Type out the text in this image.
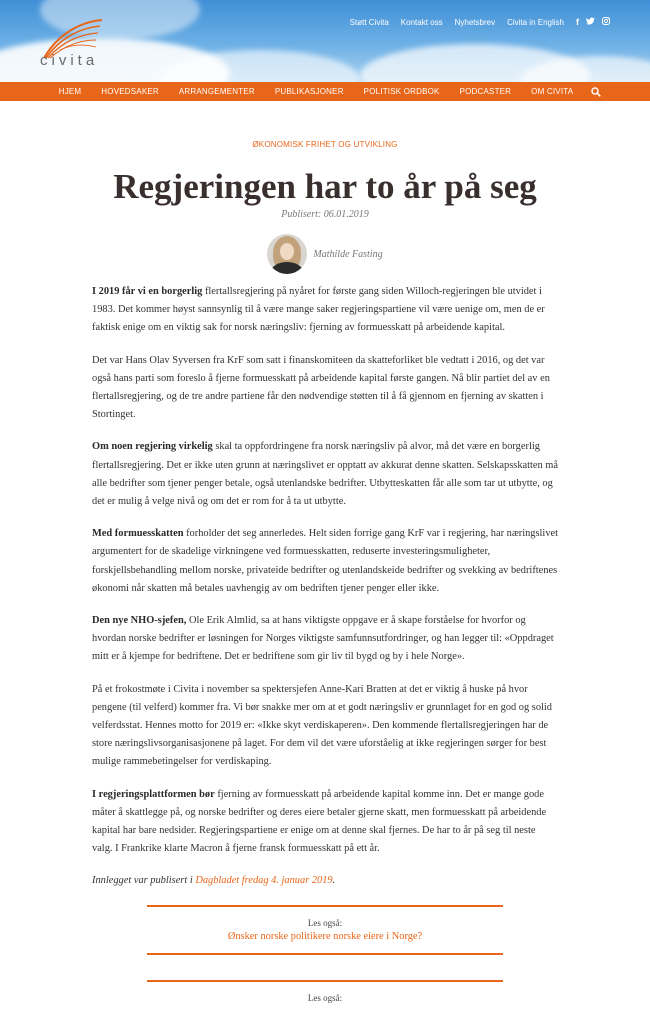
civita
Støtt Civita Kontakt oss Nyhetsbrev Civita in English f
HJEM	HOVEDSAKER	ARRANGEMENTER	PUBLIKASJONER	POLITISK ORDBOK	PODCASTER	OM CIVITA
ØKONOMISK FRIHET OG UTVIKLING
Regjeringen har to år på seg
Publisert: 06.01.2019
Mathilde Fasting

I 2019 får vi en borgerlig flertallsregjering på nyåret for første gang siden Willoch-regjeringen ble utvidet i 1983. Det kommer høyst sannsynlig til å være mange saker regjeringspartiene vil være uenige om, men de er faktisk enige om en viktig sak for norsk næringsliv: fjerning av formuesskatt på arbeidende kapital.

Det var Hans Olav Syversen fra KrF som satt i finanskomiteen da skatteforliket ble vedtatt i 2016, og det var også hans parti som foreslo å fjerne formuesskatt på arbeidende kapital første gangen. Nå blir partiet del av en flertallsregjering, og de tre andre partiene får den nødvendige støtten til å få gjennom en fjerning av skatten i Stortinget.

Om noen regjering virkelig skal ta oppfordringene fra norsk næringsliv på alvor, må det være en borgerlig flertallsregjering. Det er ikke uten grunn at næringslivet er opptatt av akkurat denne skatten. Selskapsskatten må alle bedrifter som tjener penger betale, også utenlandske bedrifter. Utbytteskatten får alle som tar ut utbytte, og det er mulig å velge nivå og om det er rom for å ta ut utbytte.

Med formuesskatten forholder det seg annerledes. Helt siden forrige gang KrF var i regjering, har næringslivet argumentert for de skadelige virkningene ved formuesskatten, reduserte investeringsmuligheter, forskjellsbehandling mellom norske, privateide bedrifter og utenlandskeide bedrifter og svekking av bedriftenes økonomi når skatten må betales uavhengig av om bedriften tjener penger eller ikke.

Den nye NHO-sjefen, Ole Erik Almlid, sa at hans viktigste oppgave er å skape forståelse for hvorfor og hvordan norske bedrifter er løsningen for Norges viktigste samfunnsutfordringer, og han legger til: «Oppdraget mitt er å kjempe for bedriftene. Det er bedriftene som gir liv til bygd og by i hele Norge».

På et frokostmøte i Civita i november sa spektersjefen Anne-Kari Bratten at det er viktig å huske på hvor pengene (til velferd) kommer fra. Vi bør snakke mer om at et godt næringsliv er grunnlaget for en god og solid velferdsstat. Hennes motto for 2019 er: «Ikke skyt verdiskaperen». Den kommende flertallsregjeringen har de store næringslivsorganisasjonene på laget. For dem vil det være uforståelig at ikke regjeringen sørger for best mulige rammebetingelser for verdiskaping.

I regjeringsplattformen bør fjerning av formuesskatt på arbeidende kapital komme inn. Det er mange gode måter å skattlegge på, og norske bedrifter og deres eiere betaler gjerne skatt, men formuesskatt på arbeidende kapital har bare nedsider. Regjeringspartiene er enige om at denne skal fjernes. De har to år på seg til neste valg. I Frankrike klarte Macron å fjerne fransk formuesskatt på ett år.

Innlegget var publisert i Dagbladet fredag 4. januar 2019.

Les også:
Ønsker norske politikere norske eiere i Norge?
Les også:
